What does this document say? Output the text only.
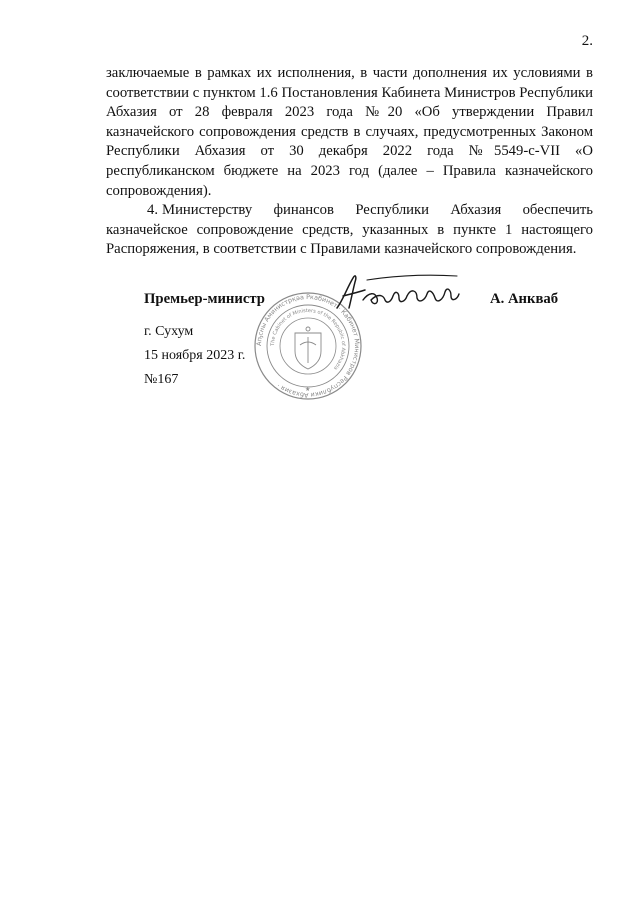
2.

заключаемые в рамках их исполнения, в части дополнения их условиями в соответствии с пунктом 1.6 Постановления Кабинета Министров Республики Абхазия от 28 февраля 2023 года №20 «Об утверждении Правил казначейского сопровождения средств в случаях, предусмотренных Законом Республики Абхазия от 30 декабря 2022 года №5549-с-VII «О республиканском бюджете на 2023 год (далее – Правила казначейского сопровождения).

4. Министерству финансов Республики Абхазия обеспечить казначейское сопровождение средств, указанных в пункте 1 настоящего Распоряжения, в соответствии с Правилами казначейского сопровождения.

Аҧсны Аминистрқәа Ркабинет · Кабинет Министров Республики Абхазия ·
The Cabinet of Ministers of the Republic of Abkhazia
★
Премьер-министр	А. Анкваб
г. Сухум
15 ноября 2023 г.
№167
